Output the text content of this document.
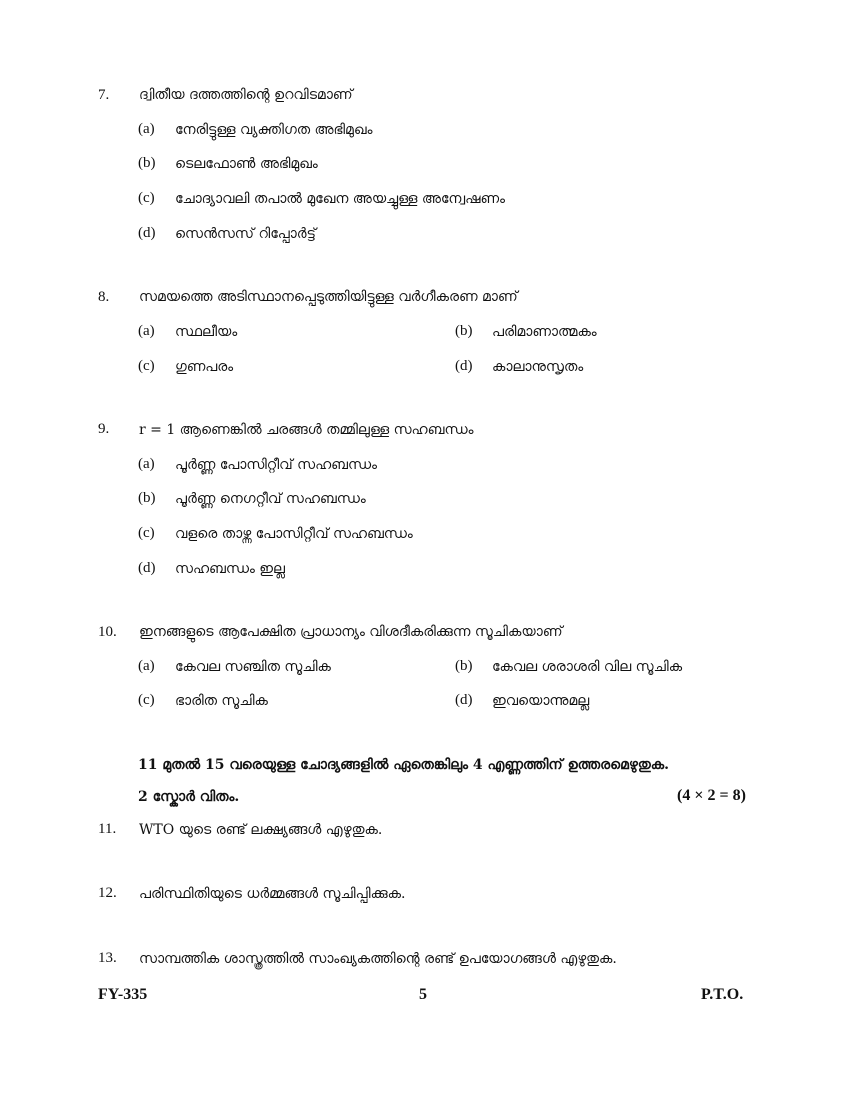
7. ദ്വിതീയ ദത്തത്തിന്റെ ഉറവിടമാണ്
(a) നേരിട്ടുള്ള വ്യക്തിഗത അഭിമുഖം
(b) ടെലഫോൺ അഭിമുഖം
(c) ചോദ്യാവലി തപാൽ മുഖേന അയച്ചുള്ള അന്വേഷണം
(d) സെൻസസ് റിപ്പോർട്ട്
8. സമയത്തെ അടിസ്ഥാനപ്പെടുത്തിയിട്ടുള്ള വർഗീകരണ മാണ്
(a) സ്ഥലീയം	(b) പരിമാണാത്മകം
(c) ഗുണപരം	(d) കാലാനുസൃതം
9. r = 1 ആണെങ്കിൽ ചരങ്ങൾ തമ്മിലുള്ള സഹബന്ധം
(a) പൂർണ്ണ പോസിറ്റീവ് സഹബന്ധം
(b) പൂർണ്ണ നെഗറ്റീവ് സഹബന്ധം
(c) വളരെ താഴ്ന്ന പോസിറ്റീവ് സഹബന്ധം
(d) സഹബന്ധം ഇല്ല
10. ഇനങ്ങളുടെ ആപേക്ഷിത പ്രാധാന്യം വിശദീകരിക്കുന്ന സൂചികയാണ്
(a) കേവല സഞ്ചിത സൂചിക	(b) കേവല ശരാശരി വില സൂചിക
(c) ഭാരിത സൂചിക	(d) ഇവയൊന്നുമല്ല
11 മുതൽ 15 വരെയുള്ള ചോദ്യങ്ങളിൽ ഏതെങ്കിലും 4 എണ്ണത്തിന് ഉത്തരമെഴുതുക.
2 സ്കോർ വിതം.	(4 × 2 = 8)
11. WTO യുടെ രണ്ട് ലക്ഷ്യങ്ങൾ എഴുതുക.
12. പരിസ്ഥിതിയുടെ ധർമ്മങ്ങൾ സൂചിപ്പിക്കുക.
13. സാമ്പത്തിക ശാസ്ത്രത്തിൽ സാംഖ്യകത്തിന്റെ രണ്ട് ഉപയോഗങ്ങൾ എഴുതുക.
FY-335	5	P.T.O.
